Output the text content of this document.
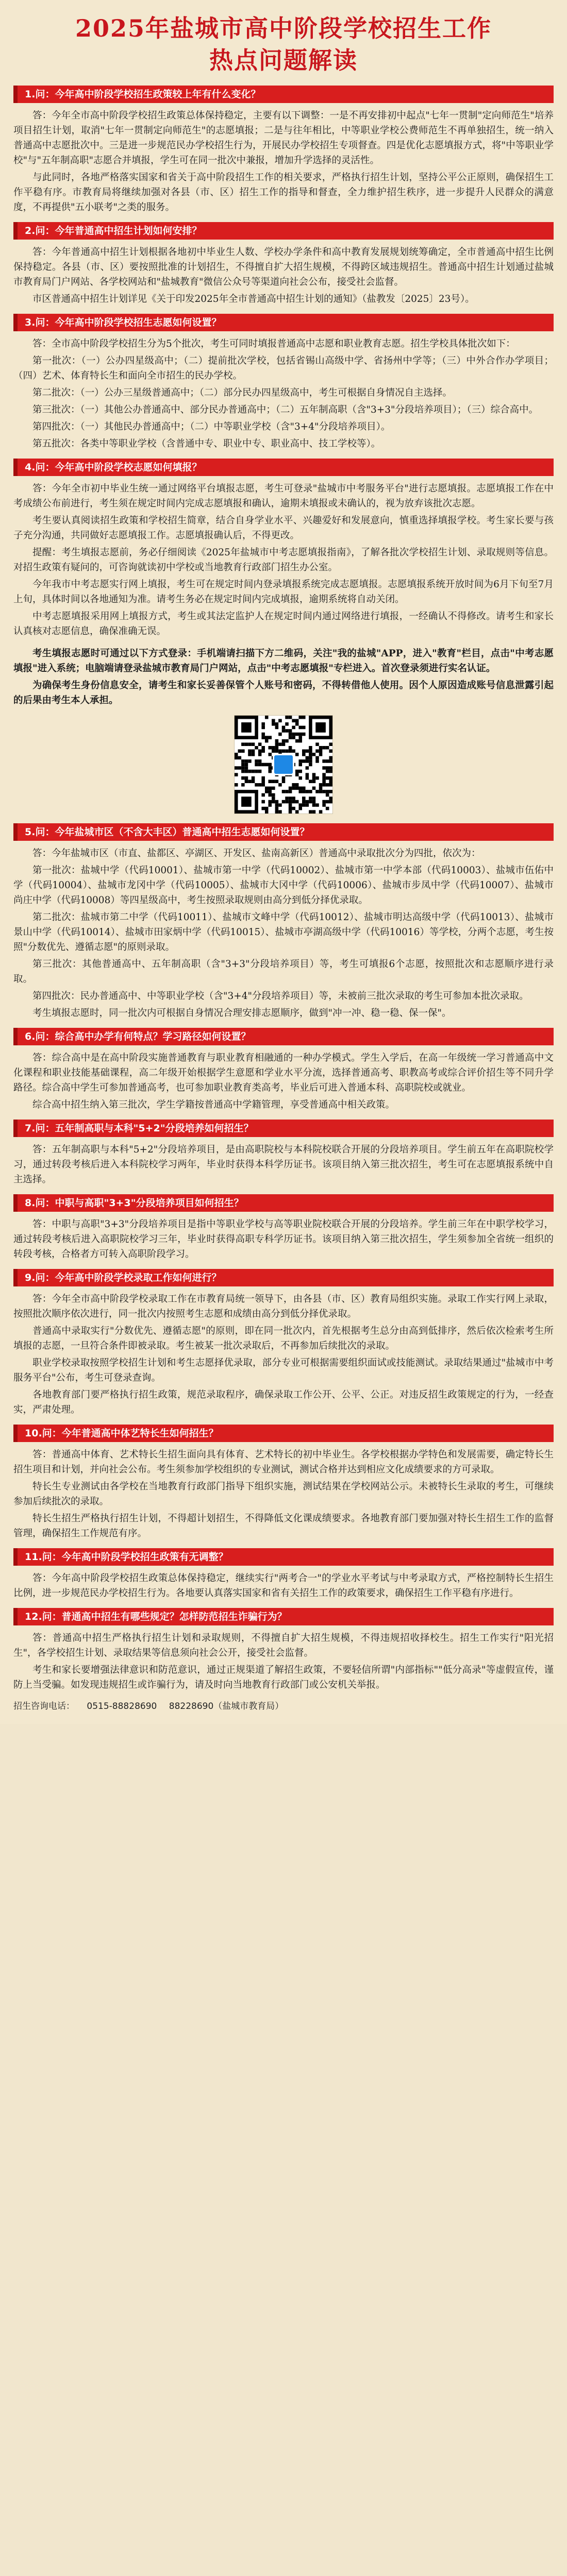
2025年盐城市高中阶段学校招生工作
热点问题解读
1.问：今年高中阶段学校招生政策较上年有什么变化？

答：今年全市高中阶段学校招生政策总体保持稳定，主要有以下调整：一是不再安排初中起点"七年一贯制"定向师范生"培养项目招生计划，取消"七年一贯制定向师范生"的志愿填报；二是与往年相比，中等职业学校公费师范生不再单独招生，统一纳入普通高中志愿批次中。三是进一步规范民办学校招生行为，开展民办学校招生专项督查。四是优化志愿填报方式，将"中等职业学校"与"五年制高职"志愿合并填报，学生可在同一批次中兼报，增加升学选择的灵活性。

与此同时，各地严格落实国家和省关于高中阶段招生工作的相关要求，严格执行招生计划，坚持公平公正原则，确保招生工作平稳有序。市教育局将继续加强对各县（市、区）招生工作的指导和督查，全力维护招生秩序，进一步提升人民群众的满意度，不再提供"五小联考"之类的服务。

2.问：今年普通高中招生计划如何安排？

答：今年普通高中招生计划根据各地初中毕业生人数、学校办学条件和高中教育发展规划统筹确定，全市普通高中招生比例保持稳定。各县（市、区）要按照批准的计划招生，不得擅自扩大招生规模，不得跨区域违规招生。普通高中招生计划通过盐城市教育局门户网站、各学校网站和"盐城教育"微信公众号等渠道向社会公布，接受社会监督。

市区普通高中招生计划详见《关于印发2025年全市普通高中招生计划的通知》（盐教发〔2025〕23号）。

3.问：今年高中阶段学校招生志愿如何设置？

答：全市高中阶段学校招生分为5个批次，考生可同时填报普通高中志愿和职业教育志愿。招生学校具体批次如下：

第一批次：（一）公办四星级高中；（二）提前批次学校，包括省锡山高级中学、省扬州中学等；（三）中外合作办学项目；（四）艺术、体育特长生和面向全市招生的民办学校。

第二批次：（一）公办三星级普通高中；（二）部分民办四星级高中，考生可根据自身情况自主选择。

第三批次：（一）其他公办普通高中、部分民办普通高中；（二）五年制高职（含"3+3"分段培养项目）；（三）综合高中。

第四批次：（一）其他民办普通高中；（二）中等职业学校（含"3+4"分段培养项目）。

第五批次：各类中等职业学校（含普通中专、职业中专、职业高中、技工学校等）。

4.问：今年高中阶段学校志愿如何填报？

答：今年全市初中毕业生统一通过网络平台填报志愿，考生可登录"盐城市中考服务平台"进行志愿填报。志愿填报工作在中考成绩公布前进行，考生须在规定时间内完成志愿填报和确认，逾期未填报或未确认的，视为放弃该批次志愿。

考生要认真阅读招生政策和学校招生简章，结合自身学业水平、兴趣爱好和发展意向，慎重选择填报学校。考生家长要与孩子充分沟通，共同做好志愿填报工作。志愿填报确认后，不得更改。

提醒：考生填报志愿前，务必仔细阅读《2025年盐城市中考志愿填报指南》，了解各批次学校招生计划、录取规则等信息。对招生政策有疑问的，可咨询就读初中学校或当地教育行政部门招生办公室。

今年我市中考志愿实行网上填报，考生可在规定时间内登录填报系统完成志愿填报。志愿填报系统开放时间为6月下旬至7月上旬，具体时间以各地通知为准。请考生务必在规定时间内完成填报，逾期系统将自动关闭。

中考志愿填报采用网上填报方式，考生或其法定监护人在规定时间内通过网络进行填报，一经确认不得修改。请考生和家长认真核对志愿信息，确保准确无误。

考生填报志愿时可通过以下方式登录：手机端请扫描下方二维码，关注"我的盐城"APP，进入"教育"栏目，点击"中考志愿填报"进入系统；电脑端请登录盐城市教育局门户网站，点击"中考志愿填报"专栏进入。首次登录须进行实名认证。

为确保考生身份信息安全，请考生和家长妥善保管个人账号和密码，不得转借他人使用。因个人原因造成账号信息泄露引起的后果由考生本人承担。

5.问：今年盐城市区（不含大丰区）普通高中招生志愿如何设置？

答：今年盐城市区（市直、盐都区、亭湖区、开发区、盐南高新区）普通高中录取批次分为四批，依次为：

第一批次：盐城中学（代码10001）、盐城市第一中学（代码10002）、盐城市第一中学本部（代码10003）、盐城市伍佑中学（代码10004）、盐城市龙冈中学（代码10005）、盐城市大冈中学（代码10006）、盐城市步凤中学（代码10007）、盐城市尚庄中学（代码10008）等四星级高中，考生按照录取规则由高分到低分择优录取。

第二批次：盐城市第二中学（代码10011）、盐城市文峰中学（代码10012）、盐城市明达高级中学（代码10013）、盐城市景山中学（代码10014）、盐城市田家炳中学（代码10015）、盐城市亭湖高级中学（代码10016）等学校，分两个志愿，考生按照"分数优先、遵循志愿"的原则录取。

第三批次：其他普通高中、五年制高职（含"3+3"分段培养项目）等，考生可填报6个志愿，按照批次和志愿顺序进行录取。

第四批次：民办普通高中、中等职业学校（含"3+4"分段培养项目）等，未被前三批次录取的考生可参加本批次录取。

考生填报志愿时，同一批次内可根据自身情况合理安排志愿顺序，做到"冲一冲、稳一稳、保一保"。

6.问：综合高中办学有何特点？学习路径如何设置？

答：综合高中是在高中阶段实施普通教育与职业教育相融通的一种办学模式。学生入学后，在高一年级统一学习普通高中文化课程和职业技能基础课程，高二年级开始根据学生意愿和学业水平分流，选择普通高考、职教高考或综合评价招生等不同升学路径。综合高中学生可参加普通高考，也可参加职业教育类高考，毕业后可进入普通本科、高职院校或就业。

综合高中招生纳入第三批次，学生学籍按普通高中学籍管理，享受普通高中相关政策。

7.问：五年制高职与本科"5+2"分段培养如何招生？

答：五年制高职与本科"5+2"分段培养项目，是由高职院校与本科院校联合开展的分段培养项目。学生前五年在高职院校学习，通过转段考核后进入本科院校学习两年，毕业时获得本科学历证书。该项目纳入第三批次招生，考生可在志愿填报系统中自主选择。

8.问：中职与高职"3+3"分段培养项目如何招生？

答：中职与高职"3+3"分段培养项目是指中等职业学校与高等职业院校联合开展的分段培养。学生前三年在中职学校学习，通过转段考核后进入高职院校学习三年，毕业时获得高职专科学历证书。该项目纳入第三批次招生，学生须参加全省统一组织的转段考核，合格者方可转入高职阶段学习。

9.问：今年高中阶段学校录取工作如何进行？

答：今年全市高中阶段学校录取工作在市教育局统一领导下，由各县（市、区）教育局组织实施。录取工作实行网上录取，按照批次顺序依次进行，同一批次内按照考生志愿和成绩由高分到低分择优录取。

普通高中录取实行"分数优先、遵循志愿"的原则，即在同一批次内，首先根据考生总分由高到低排序，然后依次检索考生所填报的志愿，一旦符合条件即被录取。考生被某一批次录取后，不再参加后续批次的录取。

职业学校录取按照学校招生计划和考生志愿择优录取，部分专业可根据需要组织面试或技能测试。录取结果通过"盐城市中考服务平台"公布，考生可登录查询。

各地教育部门要严格执行招生政策，规范录取程序，确保录取工作公开、公平、公正。对违反招生政策规定的行为，一经查实，严肃处理。

10.问：今年普通高中体艺特长生如何招生？

答：普通高中体育、艺术特长生招生面向具有体育、艺术特长的初中毕业生。各学校根据办学特色和发展需要，确定特长生招生项目和计划，并向社会公布。考生须参加学校组织的专业测试，测试合格并达到相应文化成绩要求的方可录取。

特长生专业测试由各学校在当地教育行政部门指导下组织实施，测试结果在学校网站公示。未被特长生录取的考生，可继续参加后续批次的录取。

特长生招生严格执行招生计划，不得超计划招生，不得降低文化课成绩要求。各地教育部门要加强对特长生招生工作的监督管理，确保招生工作规范有序。

11.问：今年高中阶段学校招生政策有无调整？

答：今年高中阶段学校招生政策总体保持稳定，继续实行"两考合一"的学业水平考试与中考录取方式，严格控制特长生招生比例，进一步规范民办学校招生行为。各地要认真落实国家和省有关招生工作的政策要求，确保招生工作平稳有序进行。

12.问：普通高中招生有哪些规定？怎样防范招生诈骗行为？

答：普通高中招生严格执行招生计划和录取规则，不得擅自扩大招生规模，不得违规招收择校生。招生工作实行"阳光招生"，各学校招生计划、录取结果等信息须向社会公开，接受社会监督。

考生和家长要增强法律意识和防范意识，通过正规渠道了解招生政策，不要轻信所谓"内部指标""低分高录"等虚假宣传，谨防上当受骗。如发现违规招生或诈骗行为，请及时向当地教育行政部门或公安机关举报。

招生咨询电话： 0515-88828690 88228690（盐城市教育局）
